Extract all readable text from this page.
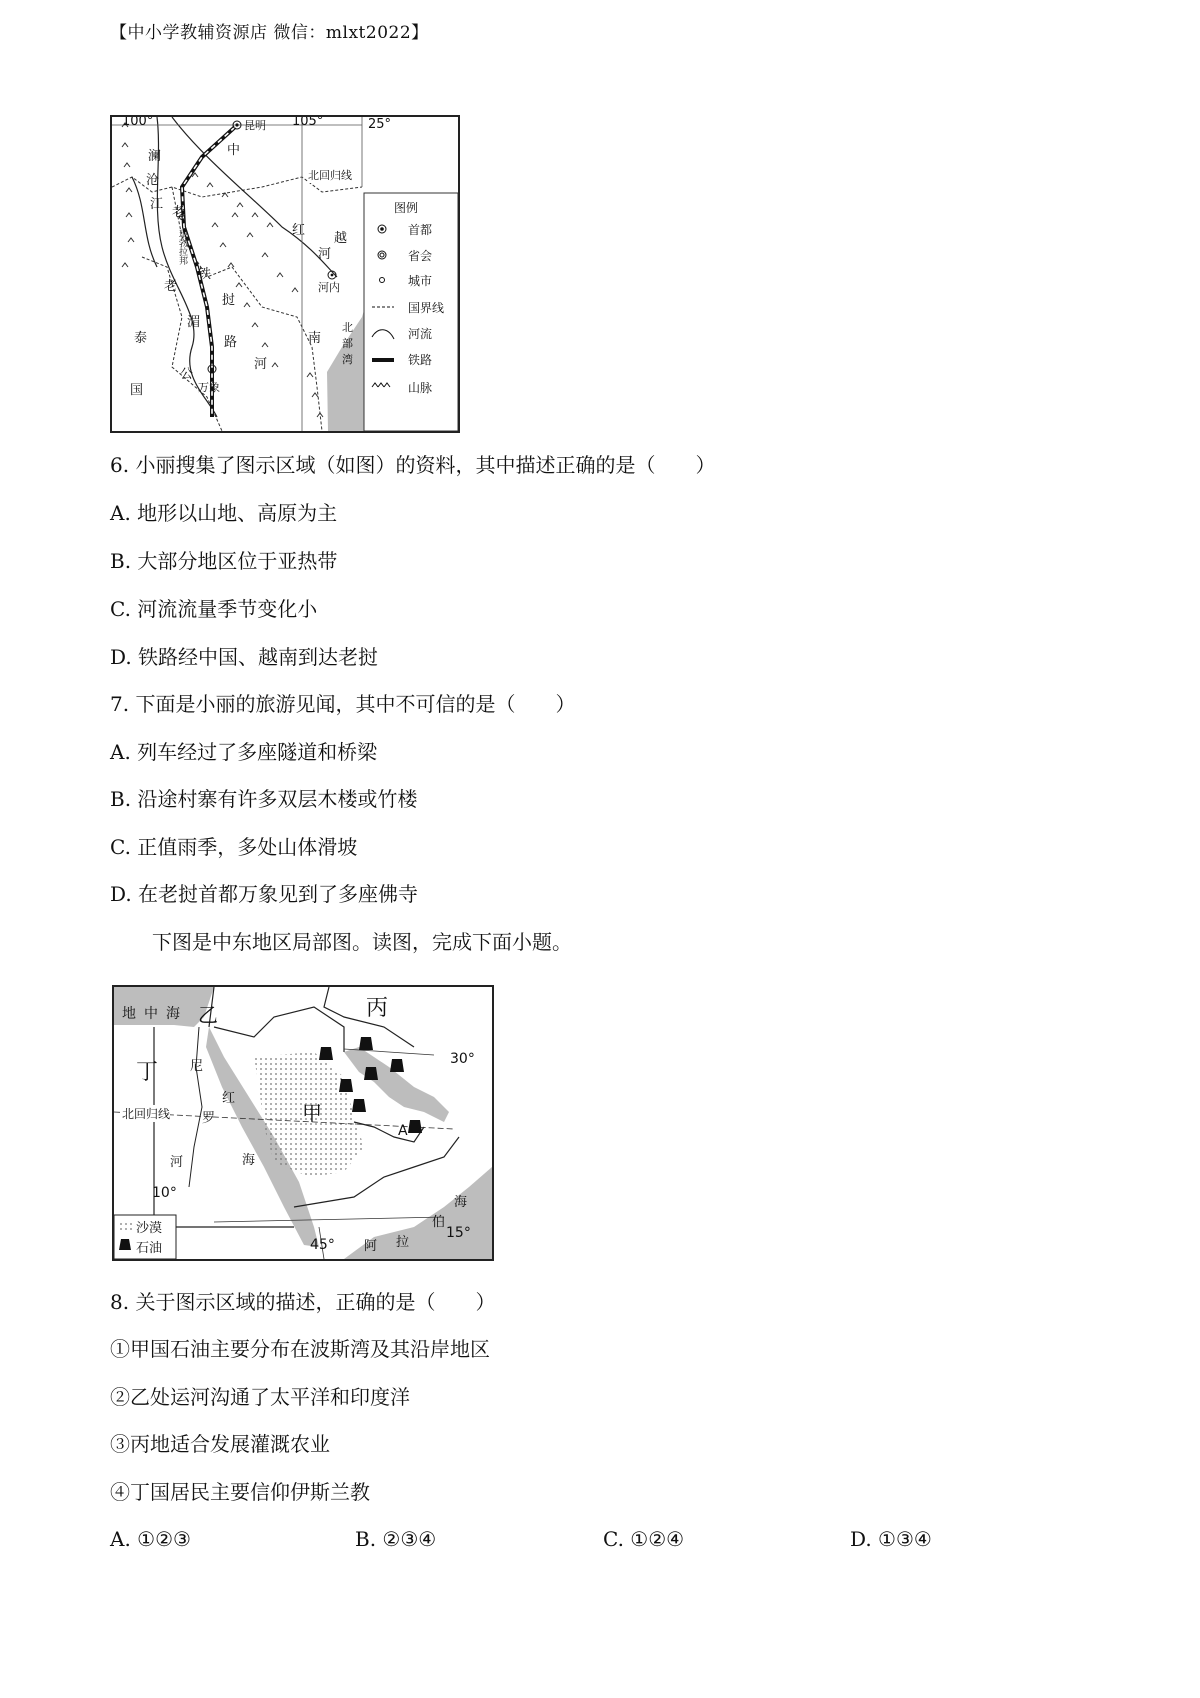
【中小学教辅资源店 微信：mlxt2022】
100°	105°	25°
昆明
中
澜
沧
江
北回归线
老
琅勃拉邦	红
越
河
铁
老	河内
挝
湄
路	南
北
部
湾
泰
河
公
国	万象
图例
首都
省会
城市
国界线
河流
铁路
山脉
6. 小丽搜集了图示区域（如图）的资料，其中描述正确的是（　　）
A. 地形以山地、高原为主
B. 大部分地区位于亚热带
C. 河流流量季节变化小
D. 铁路经中国、越南到达老挝
7. 下面是小丽的旅游见闻，其中不可信的是（　　）
A. 列车经过了多座隧道和桥梁
B. 沿途村寨有许多双层木楼或竹楼
C. 正值雨季，多处山体滑坡
D. 在老挝首都万象见到了多座佛寺
下图是中东地区局部图。读图，完成下面小题。
地 中 海 乙	丙
丁 尼	30°
红
甲
北回归线 罗
A
海
河
10°
海
伯
15°
拉
阿
45°
沙漠
石油
8. 关于图示区域的描述，正确的是（　　）
①甲国石油主要分布在波斯湾及其沿岸地区
②乙处运河沟通了太平洋和印度洋
③丙地适合发展灌溉农业
④丁国居民主要信仰伊斯兰教
A. ①②③	B. ②③④	C. ①②④	D. ①③④
